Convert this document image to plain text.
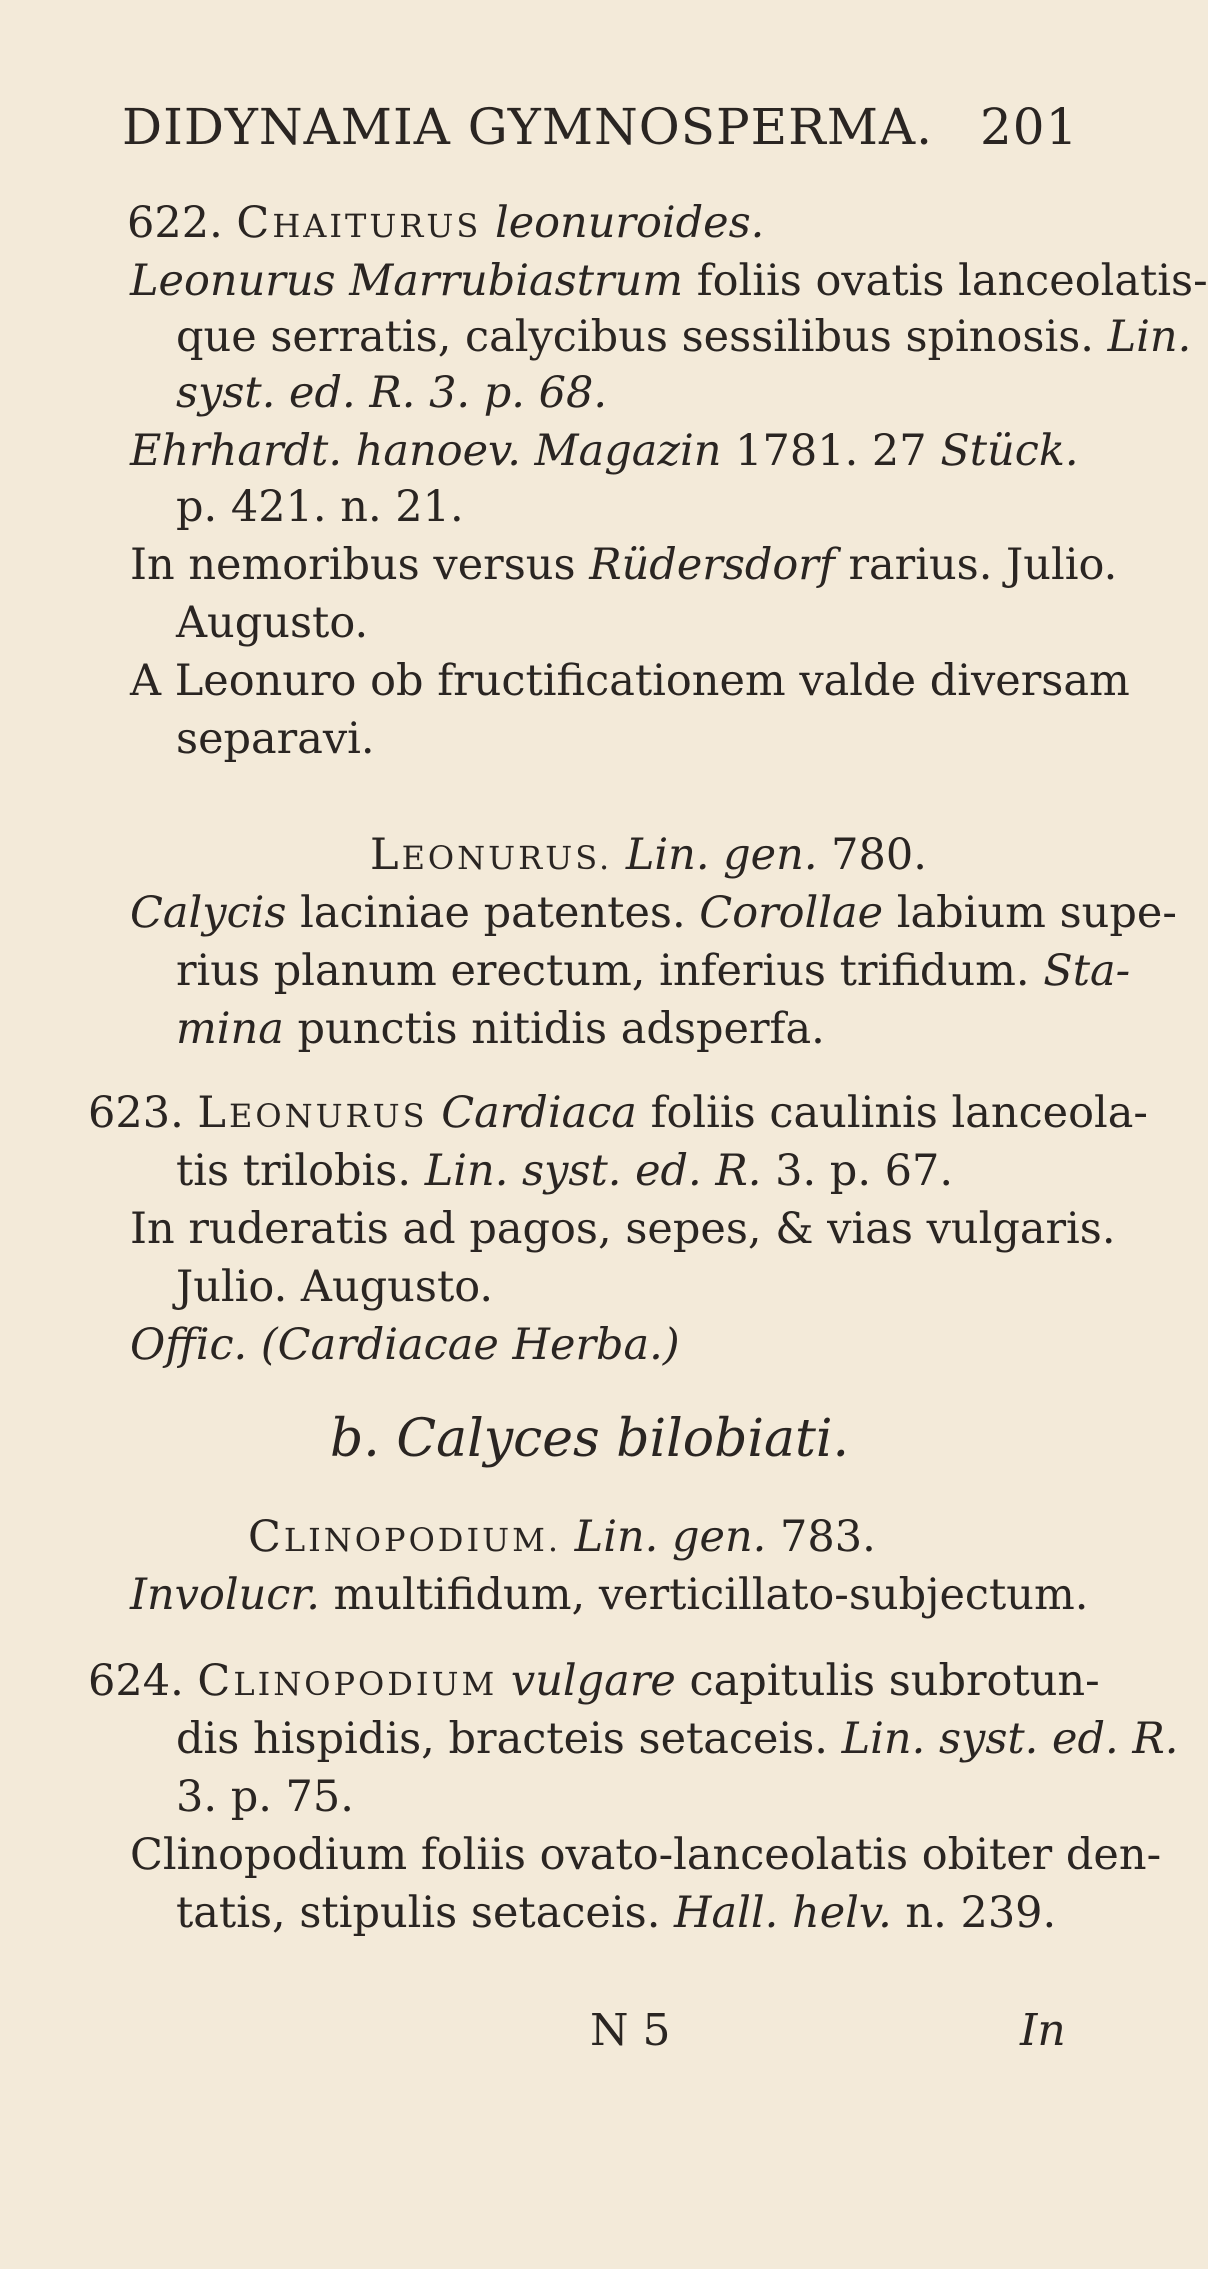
DIDYNAMIA GYMNOSPERMA. 201
622. CHAITURUS leonuroides.
Leonurus Marrubiastrum foliis ovatis lanceolatis-
que serratis, calycibus sessilibus spinosis. Lin.
syst. ed. R. 3. p. 68.
Ehrhardt. hanoev. Magazin 1781. 27 Stück.
p. 421. n. 21.
In nemoribus versus Rüdersdorf rarius. Julio.
Augusto.
A Leonuro ob fructificationem valde diversam
separavi.
LEONURUS. Lin. gen. 780.
Calycis laciniae patentes. Corollae labium supe-
rius planum erectum, inferius trifidum. Sta-
mina punctis nitidis adsperfa.
623. LEONURUS Cardiaca foliis caulinis lanceola-
tis trilobis. Lin. syst. ed. R. 3. p. 67.
In ruderatis ad pagos, sepes, & vias vulgaris.
Julio. Augusto.
Offic. (Cardiacae Herba.)
b. Calyces bilobiati.
CLINOPODIUM. Lin. gen. 783.
Involucr. multifidum, verticillato-subjectum.
624. CLINOPODIUM vulgare capitulis subrotun-
dis hispidis, bracteis setaceis. Lin. syst. ed. R.
3. p. 75.
Clinopodium foliis ovato-lanceolatis obiter den-
tatis, stipulis setaceis. Hall. helv. n. 239.
N 5	In
